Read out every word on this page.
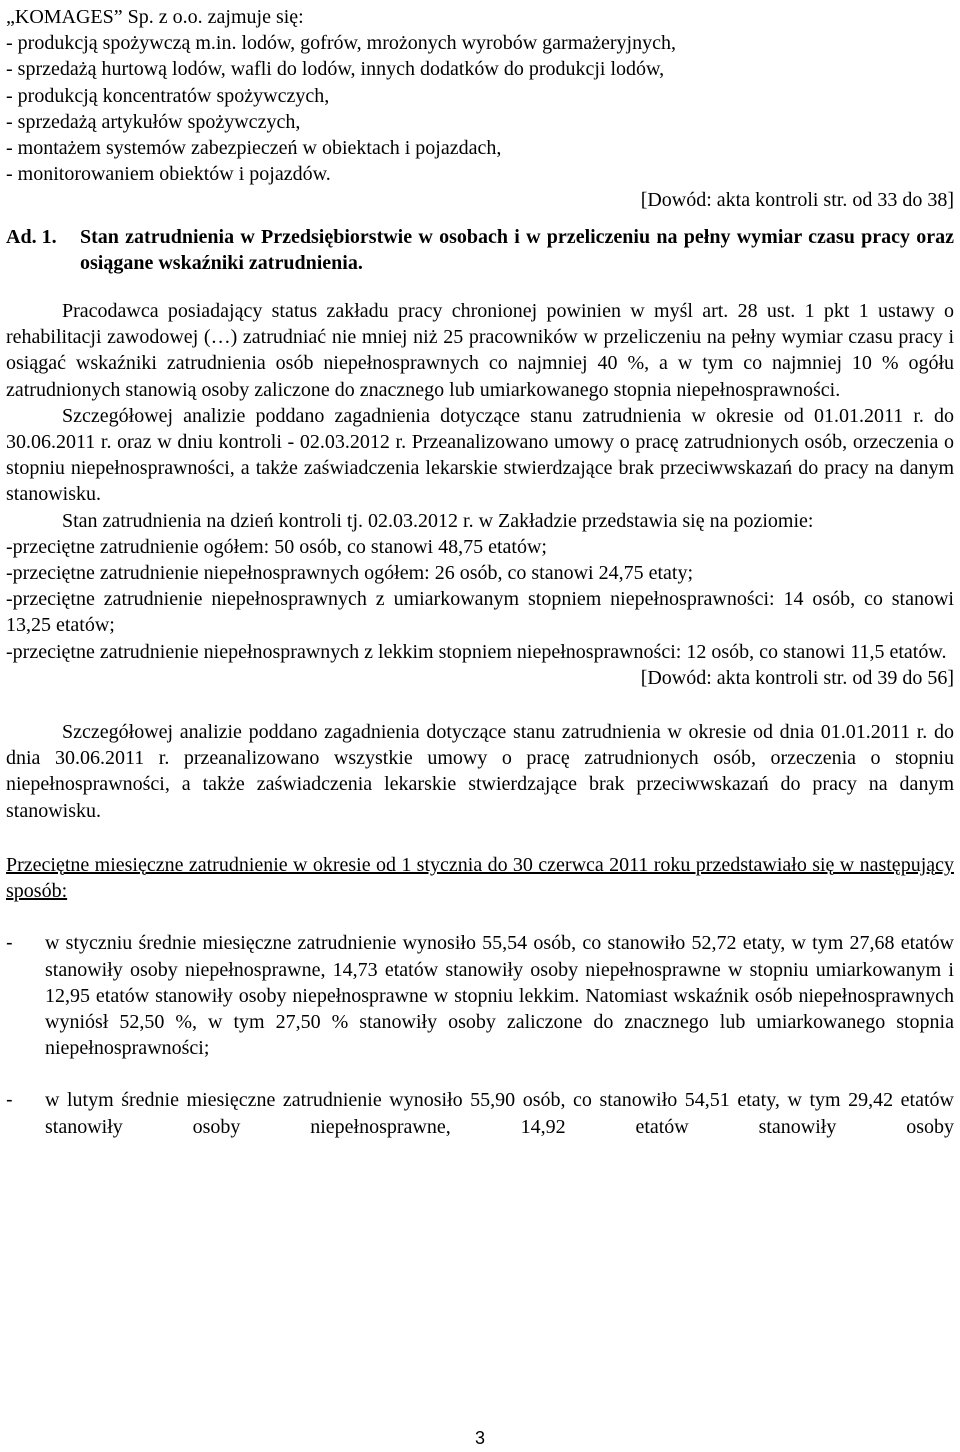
„KOMAGES” Sp. z o.o. zajmuje się:
- produkcją spożywczą m.in. lodów, gofrów, mrożonych wyrobów garmażeryjnych,
- sprzedażą hurtową lodów, wafli do lodów, innych dodatków do produkcji lodów,
- produkcją koncentratów spożywczych,
- sprzedażą artykułów spożywczych,
- montażem systemów zabezpieczeń w obiektach i pojazdach,
- monitorowaniem obiektów i pojazdów.
[Dowód: akta kontroli str. od 33 do 38]
Ad. 1.	Stan zatrudnienia w Przedsiębiorstwie w osobach i w przeliczeniu na pełny wymiar czasu pracy oraz osiągane wskaźniki zatrudnienia.

Pracodawca posiadający status zakładu pracy chronionej powinien w myśl art. 28 ust. 1 pkt 1 ustawy o rehabilitacji zawodowej (…) zatrudniać nie mniej niż 25 pracowników w przeliczeniu na pełny wymiar czasu pracy i osiągać wskaźniki zatrudnienia osób niepełnosprawnych co najmniej 40 %, a w tym co najmniej 10 % ogółu zatrudnionych stanowią osoby zaliczone do znacznego lub umiarkowanego stopnia niepełnosprawności.

Szczegółowej analizie poddano zagadnienia dotyczące stanu zatrudnienia w okresie od 01.01.2011 r. do 30.06.2011 r. oraz w dniu kontroli - 02.03.2012 r. Przeanalizowano umowy o pracę zatrudnionych osób, orzeczenia o stopniu niepełnosprawności, a także zaświadczenia lekarskie stwierdzające brak przeciwwskazań do pracy na danym stanowisku.

Stan zatrudnienia na dzień kontroli tj. 02.03.2012 r. w Zakładzie przedstawia się na poziomie:

-przeciętne zatrudnienie ogółem: 50 osób, co stanowi 48,75 etatów;
-przeciętne zatrudnienie niepełnosprawnych ogółem: 26 osób, co stanowi 24,75 etaty;
-przeciętne zatrudnienie niepełnosprawnych z umiarkowanym stopniem niepełnosprawności: 14 osób, co stanowi 13,25 etatów;
-przeciętne zatrudnienie niepełnosprawnych z lekkim stopniem niepełnosprawności: 12 osób, co stanowi 11,5 etatów.
[Dowód: akta kontroli str. od 39 do 56]

Szczegółowej analizie poddano zagadnienia dotyczące stanu zatrudnienia w okresie od dnia 01.01.2011 r. do dnia 30.06.2011 r. przeanalizowano wszystkie umowy o pracę zatrudnionych osób, orzeczenia o stopniu niepełnosprawności, a także zaświadczenia lekarskie stwierdzające brak przeciwwskazań do pracy na danym stanowisku.

Przeciętne miesięczne zatrudnienie w okresie od 1 stycznia do 30 czerwca 2011 roku przedstawiało się w następujący sposób:

-	w styczniu średnie miesięczne zatrudnienie wynosiło 55,54 osób, co stanowiło 52,72 etaty, w tym 27,68 etatów stanowiły osoby niepełnosprawne, 14,73 etatów stanowiły osoby niepełnosprawne w stopniu umiarkowanym i 12,95 etatów stanowiły osoby niepełnosprawne w stopniu lekkim. Natomiast wskaźnik osób niepełnosprawnych wyniósł 52,50 %, w tym 27,50 % stanowiły osoby zaliczone do znacznego lub umiarkowanego stopnia niepełnosprawności;
-	w lutym średnie miesięczne zatrudnienie wynosiło 55,90 osób, co stanowiło 54,51 etaty, w tym 29,42 etatów stanowiły osoby niepełnosprawne, 14,92 etatów stanowiły osoby
3
